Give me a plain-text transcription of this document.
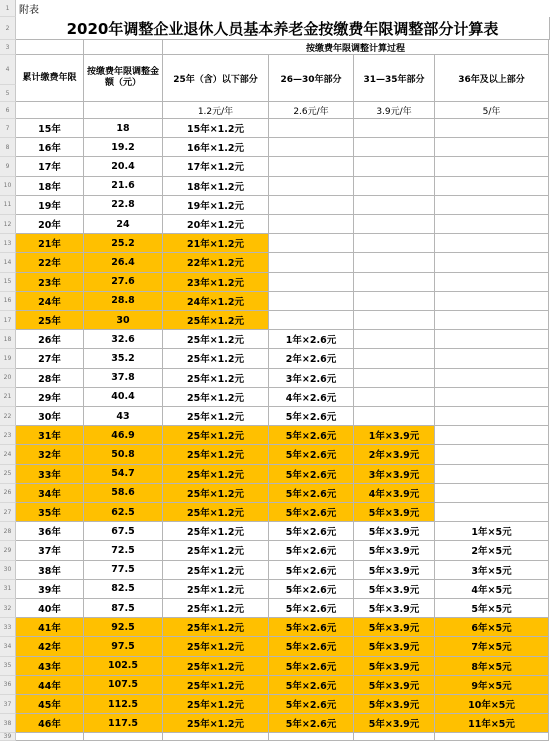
1
2
3
4
5
6
7
8
9
10
11
12
13
14
15
16
17
18
19
20
21
22
23
24
25
26
27
28
29
30
31
32
33
34
35
36
37
38
39
附表
2020年调整企业退休人员基本养老金按缴费年限调整部分计算表
累计缴费年限
按缴费年限调整金额（元）
按缴费年限调整计算过程
25年（含）以下部分	26—30年部分	31—35年部分	36年及以上部分
1.2元/年	2.6元/年	3.9元/年	5/年
15年	18	15年×1.2元
16年	19.2	16年×1.2元
17年	20.4	17年×1.2元
18年	21.6	18年×1.2元
19年	22.8	19年×1.2元
20年	24	20年×1.2元
21年	25.2	21年×1.2元
22年	26.4	22年×1.2元
23年	27.6	23年×1.2元
24年	28.8	24年×1.2元
25年	30	25年×1.2元
26年	32.6	25年×1.2元	1年×2.6元
27年	35.2	25年×1.2元	2年×2.6元
28年	37.8	25年×1.2元	3年×2.6元
29年	40.4	25年×1.2元	4年×2.6元
30年	43	25年×1.2元	5年×2.6元
31年	46.9	25年×1.2元	5年×2.6元	1年×3.9元
32年	50.8	25年×1.2元	5年×2.6元	2年×3.9元
33年	54.7	25年×1.2元	5年×2.6元	3年×3.9元
34年	58.6	25年×1.2元	5年×2.6元	4年×3.9元
35年	62.5	25年×1.2元	5年×2.6元	5年×3.9元
36年	67.5	25年×1.2元	5年×2.6元	5年×3.9元	1年×5元
37年	72.5	25年×1.2元	5年×2.6元	5年×3.9元	2年×5元
38年	77.5	25年×1.2元	5年×2.6元	5年×3.9元	3年×5元
39年	82.5	25年×1.2元	5年×2.6元	5年×3.9元	4年×5元
40年	87.5	25年×1.2元	5年×2.6元	5年×3.9元	5年×5元
41年	92.5	25年×1.2元	5年×2.6元	5年×3.9元	6年×5元
42年	97.5	25年×1.2元	5年×2.6元	5年×3.9元	7年×5元
43年	102.5	25年×1.2元	5年×2.6元	5年×3.9元	8年×5元
44年	107.5	25年×1.2元	5年×2.6元	5年×3.9元	9年×5元
45年	112.5	25年×1.2元	5年×2.6元	5年×3.9元	10年×5元
46年	117.5	25年×1.2元	5年×2.6元	5年×3.9元	11年×5元
